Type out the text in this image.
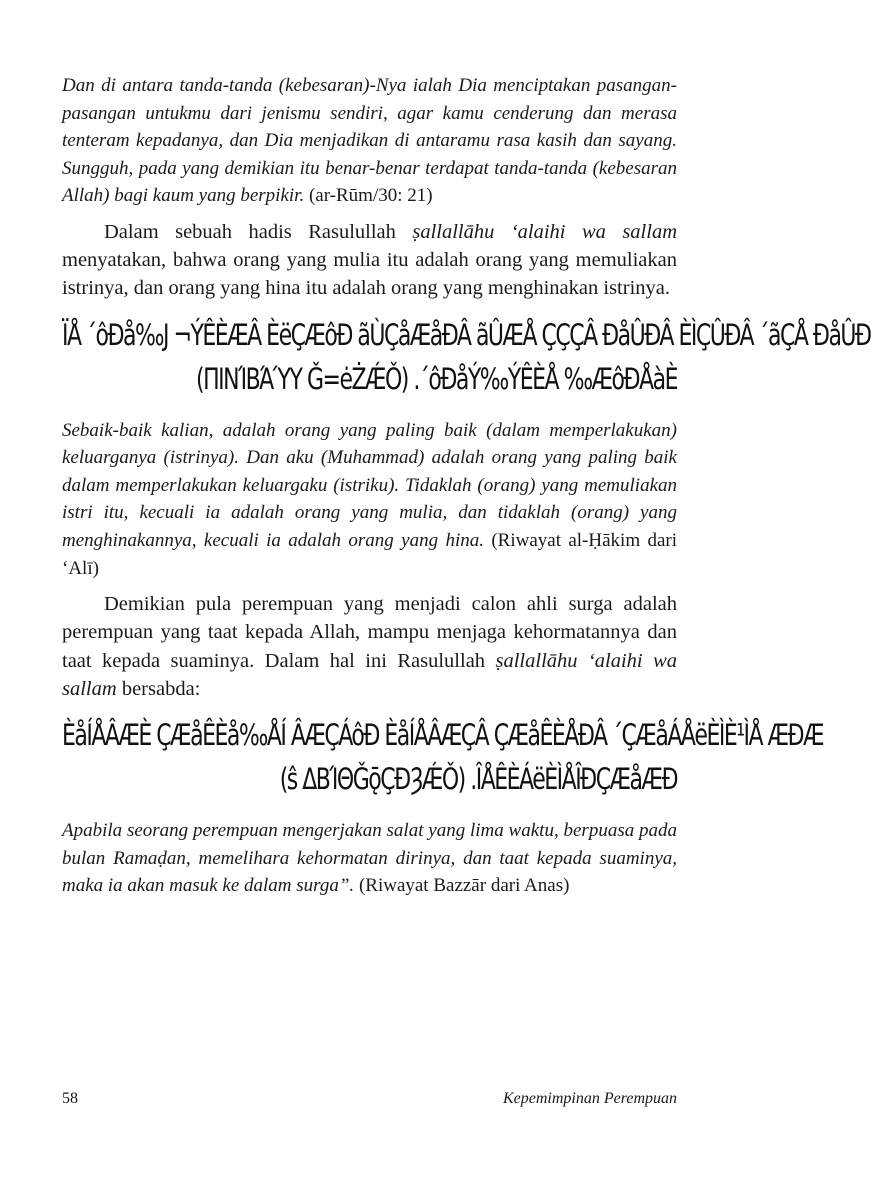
Dan di antara tanda-tanda (kebesaran)-Nya ialah Dia menciptakan pasangan-pasangan untukmu dari jenismu sendiri, agar kamu cenderung dan merasa tenteram kepadanya, dan Dia menjadikan di antaramu rasa kasih dan sayang. Sungguh, pada yang demikian itu benar-benar terdapat tanda-tanda (kebesaran Allah) bagi kaum yang berpikir. (ar-Rūm/30: 21)

Dalam sebuah hadis Rasulullah ṣallallāhu ‘alaihi wa sallam menyatakan, bahwa orang yang mulia itu adalah orang yang memuliakan istrinya, dan orang yang hina itu adalah orang yang menghinakan istrinya.

ÏÅ ´ôÐå‰J ¬ÝÊÈÆÂ ÈëÇÆôÐ ãÙÇåÆåÐÂ ãÛÆÅ ÇÇÇÂ ÐåÛÐÂ ÈÌÇÛÐÂ ´ãÇÅ ÐåÛÐ

(ΠΙΝΊΒΆΎΥ Ǧ=ėŻǼǑ) .´ôÐåÝ‰ÝÊÈÅ ‰ÆôÐÅàÈ

Sebaik-baik kalian, adalah orang yang paling baik (dalam memperlakukan) keluarganya (istrinya). Dan aku (Muhammad) adalah orang yang paling baik dalam memperlakukan keluargaku (istriku). Tidaklah (orang) yang memuliakan istri itu, kecuali ia adalah orang yang mulia, dan tidaklah (orang) yang menghinakannya, kecuali ia adalah orang yang hina. (Riwayat al-Ḥākim dari ‘Alī)

Demikian pula perempuan yang menjadi calon ahli surga adalah perempuan yang taat kepada Allah, mampu menjaga kehormatannya dan taat kepada suaminya. Dalam hal ini Rasulullah ṣallallāhu ‘alaihi wa sallam bersabda:

ÈåÍÅÂÆÈ ÇÆåÊÈå‰ÅÍ ÂÆÇÁôÐ ÈåÍÅÂÆÇÂ ÇÆåÊÈÅÐÂ ´ÇÆåÁÅëÈÌÈ¹ÌÅ ÆÐÆ

(ŝ ΔΒΊΘǦǭÇÐȜǼǑ) .ÎÅÊÈÁëÈÌÅÎÐÇÆåÆÐ

Apabila seorang perempuan mengerjakan salat yang lima waktu, berpuasa pada bulan Ramaḍan, memelihara kehormatan dirinya, dan taat kepada suaminya, maka ia akan masuk ke dalam surga”. (Riwayat Bazzār dari Anas)

58	Kepemimpinan Perempuan
